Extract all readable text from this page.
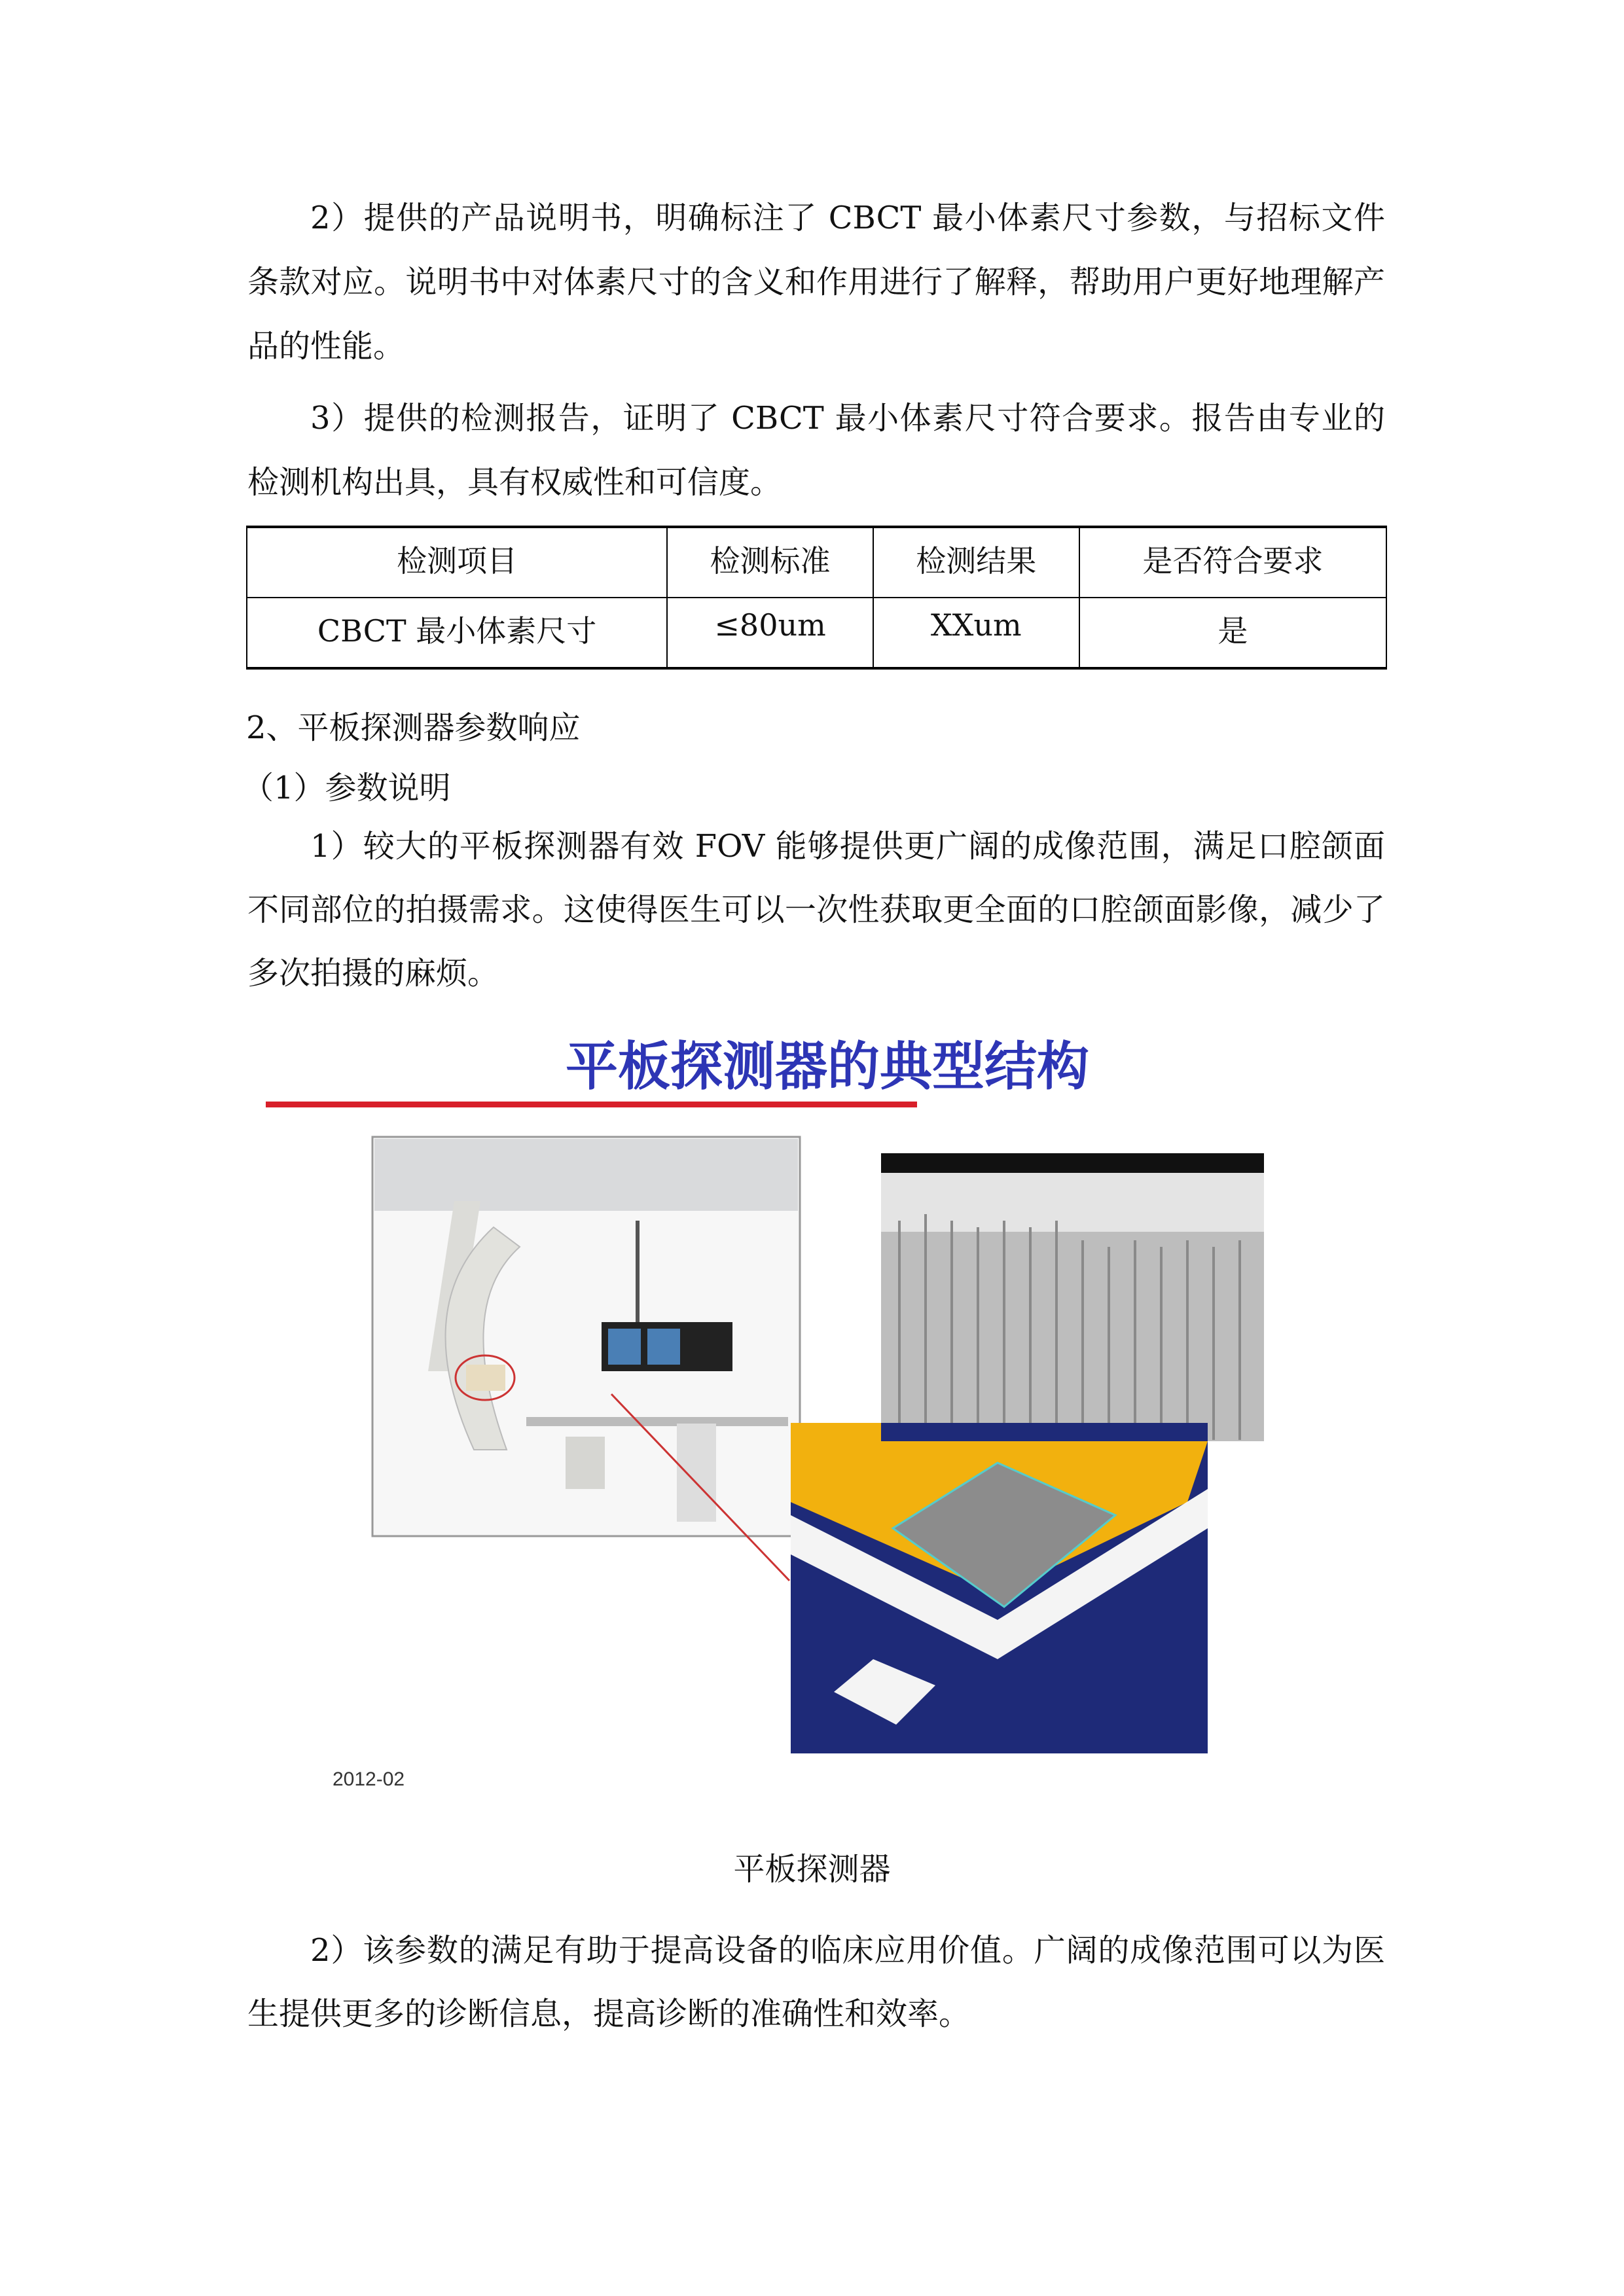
2）提供的产品说明书，明确标注了 CBCT 最小体素尺寸参数，与招标文件条款对应。说明书中对体素尺寸的含义和作用进行了解释，帮助用户更好地理解产品的性能。

3）提供的检测报告，证明了 CBCT 最小体素尺寸符合要求。报告由专业的检测机构出具，具有权威性和可信度。

检测项目	检测标准	检测结果	是否符合要求
CBCT 最小体素尺寸	≤80um	XXum	是

2、平板探测器参数响应

（1）参数说明

1）较大的平板探测器有效 FOV 能够提供更广阔的成像范围，满足口腔颌面不同部位的拍摄需求。这使得医生可以一次性获取更全面的口腔颌面影像，减少了多次拍摄的麻烦。

平板探测器的典型结构
2012-02
平板探测器

2）该参数的满足有助于提高设备的临床应用价值。广阔的成像范围可以为医生提供更多的诊断信息，提高诊断的准确性和效率。
